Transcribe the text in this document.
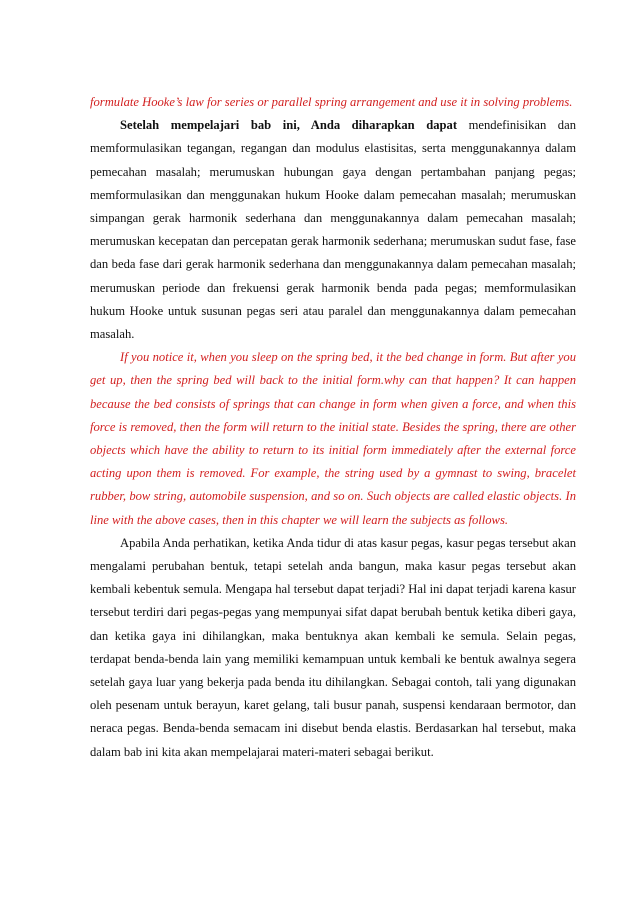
formulate Hooke’s law for series or parallel spring arrangement and use it in solving problems.

Setelah mempelajari bab ini, Anda diharapkan dapat mendefinisikan dan memformulasikan tegangan, regangan dan modulus elastisitas, serta menggunakannya dalam pemecahan masalah; merumuskan hubungan gaya dengan pertambahan panjang pegas; memformulasikan dan menggunakan hukum Hooke dalam pemecahan masalah; merumuskan simpangan gerak harmonik sederhana dan menggunakannya dalam pemecahan masalah; merumuskan kecepatan dan percepatan gerak harmonik sederhana; merumuskan sudut fase, fase dan beda fase dari gerak harmonik sederhana dan menggunakannya dalam pemecahan masalah; merumuskan periode dan frekuensi gerak harmonik benda pada pegas; memformulasikan hukum Hooke untuk susunan pegas seri atau paralel dan menggunakannya dalam pemecahan masalah.

If you notice it, when you sleep on the spring bed, it the bed change in form. But after you get up, then the spring bed will back to the initial form.why can that happen? It can happen because the bed consists of springs that can change in form when given a force, and when this force is removed, then the form will return to the initial state. Besides the spring, there are other objects which have the ability to return to its initial form immediately after the external force acting upon them is removed. For example, the string used by a gymnast to swing, bracelet rubber, bow string, automobile suspension, and so on. Such objects are called elastic objects. In line with the above cases, then in this chapter we will learn the subjects as follows.

Apabila Anda perhatikan, ketika Anda tidur di atas kasur pegas, kasur pegas tersebut akan mengalami perubahan bentuk, tetapi setelah anda bangun, maka kasur pegas tersebut akan kembali kebentuk semula. Mengapa hal tersebut dapat terjadi? Hal ini dapat terjadi karena kasur tersebut terdiri dari pegas-pegas yang mempunyai sifat dapat berubah bentuk ketika diberi gaya, dan ketika gaya ini dihilangkan, maka bentuknya akan kembali ke semula. Selain pegas, terdapat benda-benda lain yang memiliki kemampuan untuk kembali ke bentuk awalnya segera setelah gaya luar yang bekerja pada benda itu dihilangkan. Sebagai contoh, tali yang digunakan oleh pesenam untuk berayun, karet gelang, tali busur panah, suspensi kendaraan bermotor, dan neraca pegas. Benda-benda semacam ini disebut benda elastis. Berdasarkan hal tersebut, maka dalam bab ini kita akan mempelajarai materi-materi sebagai berikut.
